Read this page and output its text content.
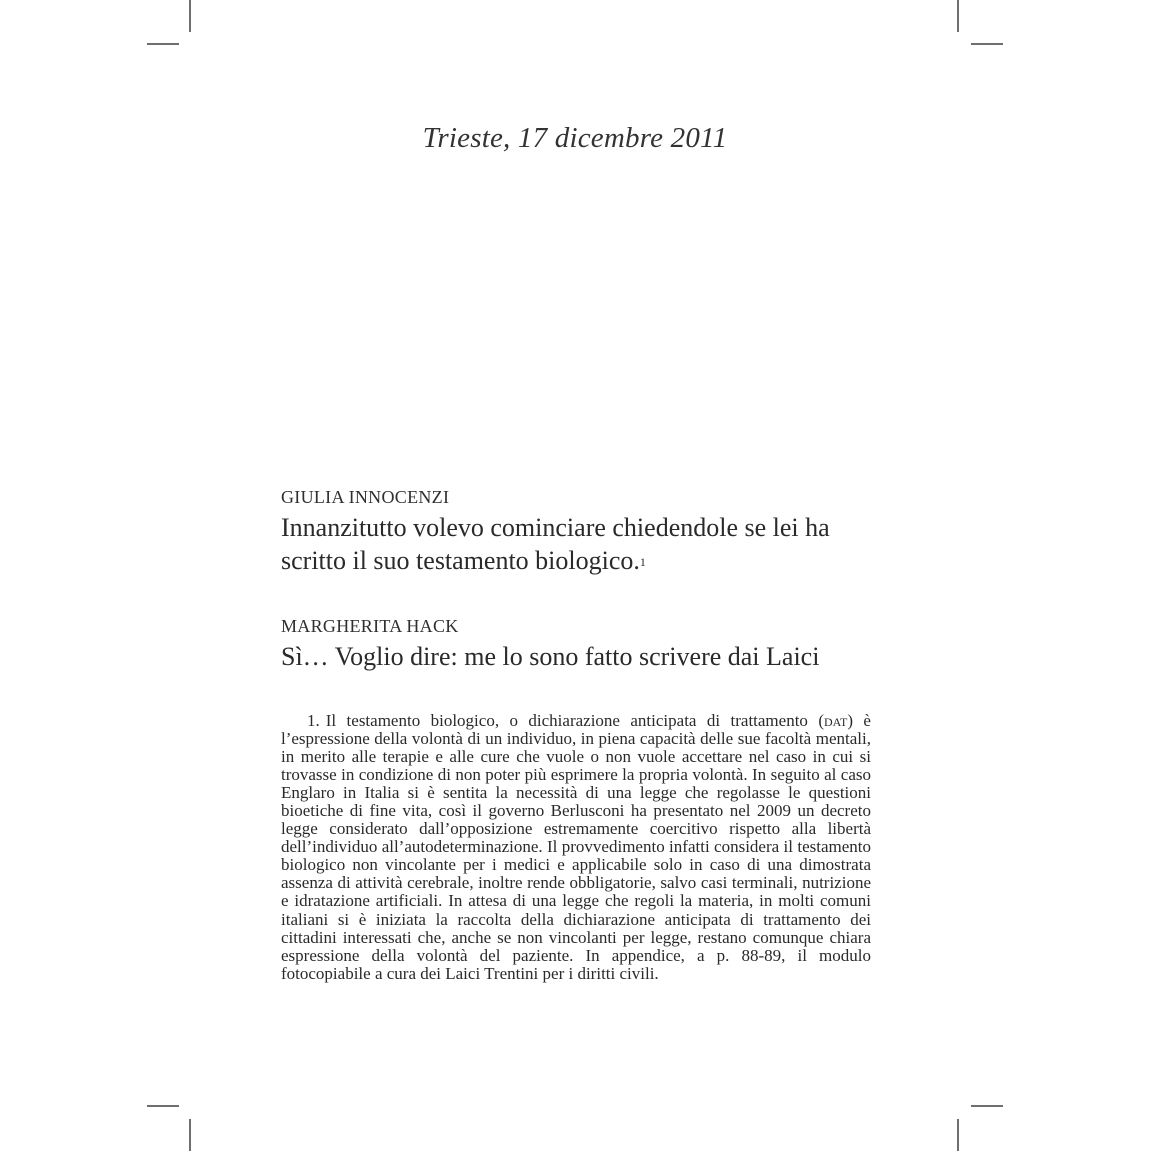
Trieste, 17 dicembre 2011
GIULIA INNOCENZI
Innanzitutto volevo cominciare chiedendole se lei ha
scritto il suo testamento biologico.$^1$
MARGHERITA HACK
Sì… Voglio dire: me lo sono fatto scrivere dai Laici
1. Il testamento biologico, o dichiarazione anticipata di trattamento (dat) è l’espressione della volontà di un individuo, in piena capacità delle sue facoltà mentali, in merito alle terapie e alle cure che vuole o non vuole accettare nel caso in cui si trovasse in condizione di non poter più esprimere la propria volontà. In seguito al caso Englaro in Italia si è sentita la necessità di una legge che regolasse le questioni bioetiche di fine vita, così il governo Berlusconi ha presentato nel 2009 un decreto legge considerato dall’opposizione estremamente coercitivo rispetto alla libertà dell’individuo all’autodeterminazione. Il provvedimento infatti considera il testamento biologico non vincolante per i medici e applicabile solo in caso di una dimostrata assenza di attività cerebrale, inoltre rende obbligatorie, salvo casi terminali, nutrizione e idratazione artificiali. In attesa di una legge che regoli la materia, in molti comuni italiani si è iniziata la raccolta della dichiarazione anticipata di trattamento dei cittadini interessati che, anche se non vincolanti per legge, restano comunque chiara espressione della volontà del paziente. In appendice, a p. 88-89, il modulo fotocopiabile a cura dei Laici Trentini per i diritti civili.
